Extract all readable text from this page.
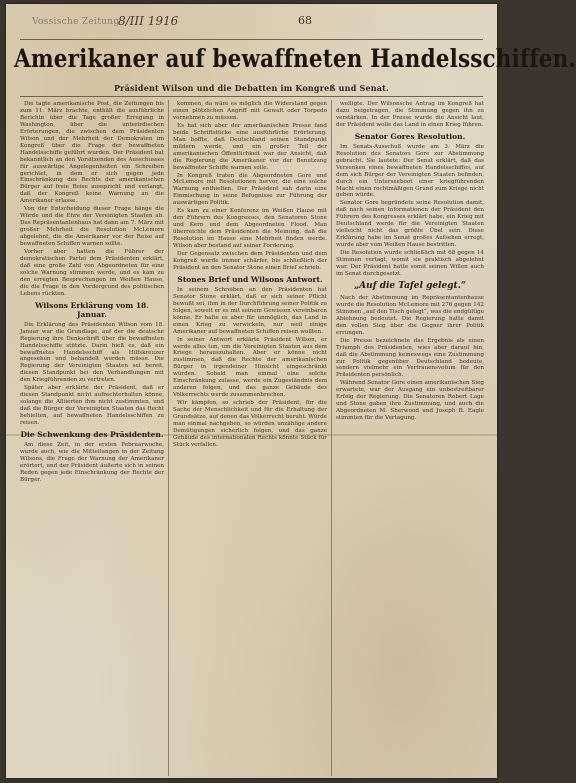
Vossische Zeitung
8/III 1916	68
Amerikaner auf bewaffneten Handelsschiffen.
Präsident Wilson und die Debatten im Kongreß und Senat.

Die tagte amerikanische Post, die Zeitungen bis zum 11. März brachte, enthält die ausführliche Berichte über die Tage großer Erregung in Washington, über die unterirdischen Erörterungen, die zwischen dem Präsidenten Wilson und der Mehrheit der Demokraten im Kongreß über die Frage der bewaffneten Handelsschiffe geführt wurden. Der Präsident hat bekanntlich an den Vorsitzenden des Ausschusses für auswärtige Angelegenheiten ein Schreiben gerichtet, in dem er sich gegen jede Einschränkung des Rechts der amerikanischen Bürger auf freie Reise ausspricht und verlangt, daß der Kongreß keine Warnung an die Amerikaner erlasse.

Von der Entscheidung dieser Frage hänge die Würde und die Ehre der Vereinigten Staaten ab. Das Repräsentantenhaus hat dann am 7. März mit großer Mehrheit die Resolution McLemore abgelehnt, die die Amerikaner vor der Reise auf bewaffneten Schiffen warnen sollte.

Vorher aber hatten die Führer der demokratischen Partei dem Präsidenten erklärt, daß eine große Zahl von Abgeordneten für eine solche Warnung stimmen werde, und es kam zu den erregten Besprechungen im Weißen Hause, die die Frage in den Vordergrund des politischen Lebens rückten.

Wilsons Erklärung vom 18. Januar.

Die Erklärung des Präsidenten Wilson vom 18. Januar war die Grundlage, auf der die deutsche Regierung ihre Denkschrift über die bewaffneten Handelsschiffe stützte. Darin hieß es, daß ein bewaffnetes Handelsschiff als Hilfskreuzer angesehen und behandelt werden müsse. Die Regierung der Vereinigten Staaten sei bereit, diesen Standpunkt bei den Verhandlungen mit den Kriegführenden zu vertreten.

Später aber erklärte der Präsident, daß er diesen Standpunkt nicht aufrechterhalten könne, solange die Alliierten ihm nicht zustimmten, und daß die Bürger der Vereinigten Staaten das Recht behielten, auf bewaffneten Handelsschiffen zu reisen.

Die Schwenkung des Präsidenten.

Am diese Zeit, in der ersten Februarwoche, wurde auch, wie die Mitteilungen in der Zeitung Wilsons, die Frage der Warnung der Amerikaner erörtert, und der Präsident äußerte sich in seinen Reden gegen jede Einschränkung der Rechte der Bürger.

kommen, da wäre es möglich die Widerstand gegen einen plötzlichen Angriff mit Gewalt oder Torpedo vornehmen zu müssen.

Es hat sich aber der amerikanischen Presse fand beide Schriftstücke eine ausführliche Erörterung. Man hoffte, daß Deutschland seinen Standpunkt mildern werde, und ein großer Teil der amerikanischen Öffentlichkeit war der Ansicht, daß die Regierung die Amerikaner vor der Benutzung bewaffneter Schiffe warnen solle.

In Kongreß traten die Abgeordneten Gore und McLemore mit Resolutionen hervor, die eine solche Warnung enthielten. Der Präsident sah darin eine Einmischung in seine Befugnisse zur Führung der auswärtigen Politik.

Es kam zu einer Konferenz im Weißen Hause mit den Führern des Kongresses, den Senatoren Stone und Kern und dem Abgeordneten Flood. Man überreichte dem Präsidenten die Meinung, daß die Resolution im Hause eine Mehrheit finden werde. Wilson aber bestand auf seiner Forderung.

Der Gegensatz zwischen dem Präsidenten und dem Kongreß wurde immer schärfer, bis schließlich der Präsident an den Senator Stone einen Brief schrieb.

Stones Brief und Wilsons Antwort.

In seinem Schreiben an den Präsidenten hat Senator Stone erklärt, daß er sich seiner Pflicht bewußt sei, ihm in der Durchführung seiner Politik zu folgen, soweit er es mit seinem Gewissen vereinbaren könne. Er halte es aber für unmöglich, das Land in einen Krieg zu verwickeln, nur weil einige Amerikaner auf bewaffneten Schiffen reisen wollten.

In seiner Antwort erklärte Präsident Wilson, er werde alles tun, um die Vereinigten Staaten aus dem Kriege herauszuhalten. Aber er könne nicht zustimmen, daß die Rechte der amerikanischen Bürger in irgendeiner Hinsicht eingeschränkt würden. Sobald man einmal eine solche Einschränkung zulasse, werde ein Zugeständnis dem anderen folgen, und das ganze Gebäude des Völkerrechts werde zusammenbrechen.

Wir kämpfen, so schrieb der Präsident, für die Sache der Menschlichkeit und für die Erhaltung der Grundsätze, auf denen das Völkerrecht beruht. Würde man einmal nachgeben, so würden unzählige andere Demütigungen sicherlich folgen, und das ganze Gebäude des internationalen Rechts könnte Stück für Stück verfallen.

welligte. Der Wilsonsche Antrag im Kongreß hat dazu beigetragen, die Stimmung gegen ihn zu verstärken. In der Presse wurde die Ansicht laut, der Präsident wolle das Land in einen Krieg führen.

Senator Gores Resolution.

Im Senats-Ausschuß wurde am 3. März die Resolution des Senators Gore zur Abstimmung gebracht. Sie lautete: Der Senat erklärt, daß das Versenken eines bewaffneten Handelsschiffes, auf dem sich Bürger der Vereinigten Staaten befinden, durch ein Unterseeboot einer kriegführenden Macht einen rechtmäßigen Grund zum Kriege nicht geben würde.

Senator Gore begründete seine Resolution damit, daß nach seinen Informationen der Präsident den Führern des Kongresses erklärt habe, ein Krieg mit Deutschland werde für die Vereinigten Staaten vielleicht nicht das größte Übel sein. Diese Erklärung habe im Senat großes Aufsehen erregt, wurde aber vom Weißen Hause bestritten.

Die Resolution wurde schließlich mit 68 gegen 14 Stimmen vertagt, womit sie praktisch abgelehnt war. Der Präsident hatte somit seinen Willen auch im Senat durchgesetzt.

„Auf die Tafel gelegt.“

Nach der Abstimmung im Repräsentantenhause wurde die Resolution McLemore mit 276 gegen 142 Stimmen „auf den Tisch gelegt“, was die endgültige Ablehnung bedeutet. Die Regierung hatte damit den vollen Sieg über die Gegner ihrer Politik errungen.

Die Presse bezeichnete das Ergebnis als einen Triumph des Präsidenten, wies aber darauf hin, daß die Abstimmung keineswegs eine Zustimmung zur Politik gegenüber Deutschland bedeute, sondern vielmehr ein Vertrauensvotum für den Präsidenten persönlich.

Während Senator Gore einen amerikanischen Sieg erwartete, war der Ausgang ein unbestreitbarer Erfolg der Regierung. Die Senatoren Robert Lage und Stone gaben ihre Zustimmung, und auch die Abgeordneten M. Sherwood und Joseph B. Eagle stimmten für die Vertagung.
